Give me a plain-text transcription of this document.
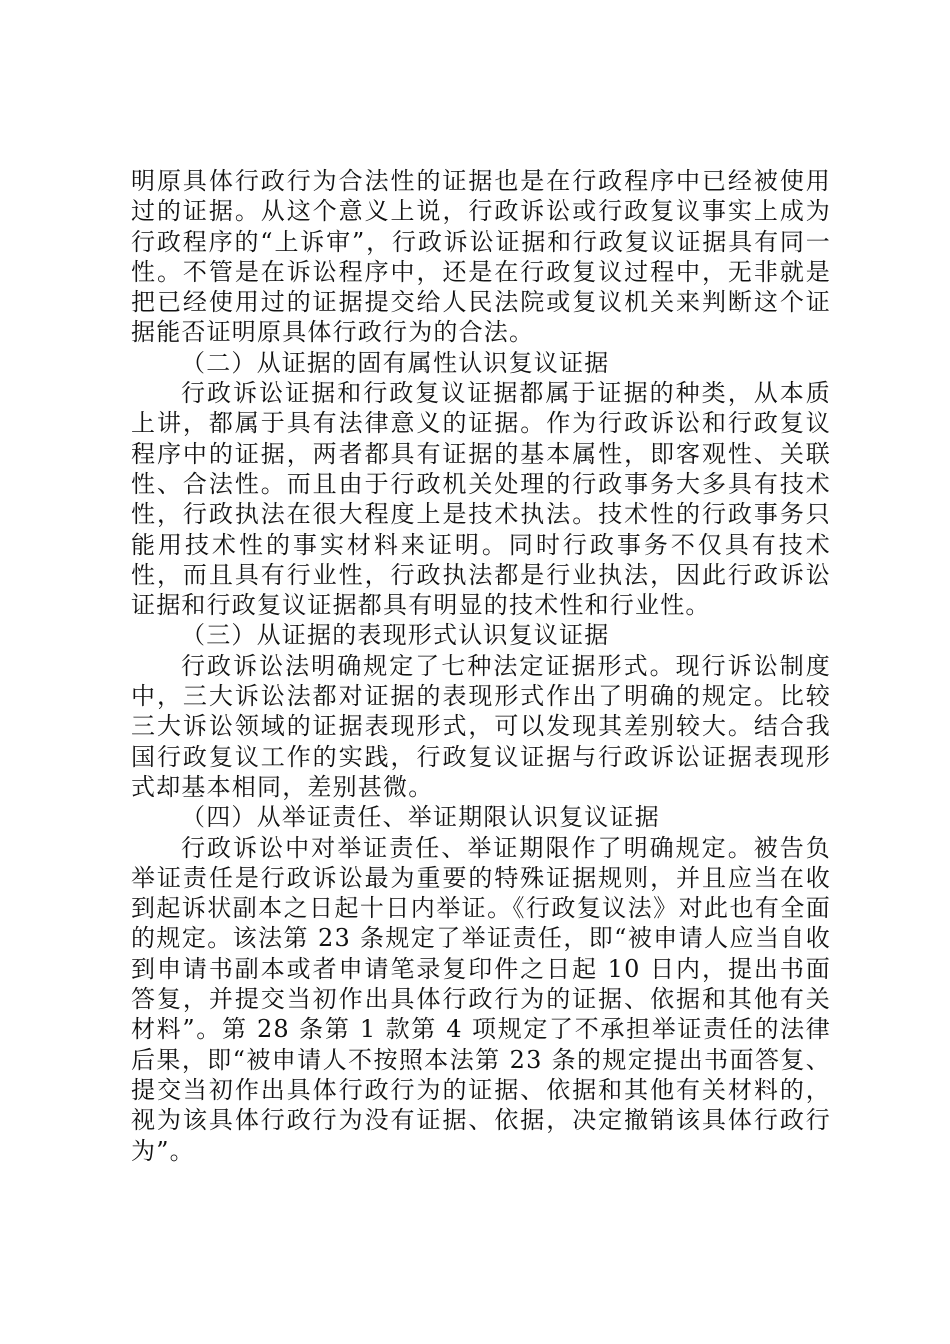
明原具体行政行为合法性的证据也是在行政程序中已经被使用过的证据。从这个意义上说，行政诉讼或行政复议事实上成为行政程序的“上诉审”，行政诉讼证据和行政复议证据具有同一性。不管是在诉讼程序中，还是在行政复议过程中，无非就是把已经使用过的证据提交给人民法院或复议机关来判断这个证据能否证明原具体行政行为的合法。

（二）从证据的固有属性认识复议证据

行政诉讼证据和行政复议证据都属于证据的种类，从本质上讲，都属于具有法律意义的证据。作为行政诉讼和行政复议程序中的证据，两者都具有证据的基本属性，即客观性、关联性、合法性。而且由于行政机关处理的行政事务大多具有技术性，行政执法在很大程度上是技术执法。技术性的行政事务只能用技术性的事实材料来证明。同时行政事务不仅具有技术性，而且具有行业性，行政执法都是行业执法，因此行政诉讼证据和行政复议证据都具有明显的技术性和行业性。

（三）从证据的表现形式认识复议证据

行政诉讼法明确规定了七种法定证据形式。现行诉讼制度中，三大诉讼法都对证据的表现形式作出了明确的规定。比较三大诉讼领域的证据表现形式，可以发现其差别较大。结合我国行政复议工作的实践，行政复议证据与行政诉讼证据表现形式却基本相同，差别甚微。

（四）从举证责任、举证期限认识复议证据

行政诉讼中对举证责任、举证期限作了明确规定。被告负举证责任是行政诉讼最为重要的特殊证据规则，并且应当在收到起诉状副本之日起十日内举证。《行政复议法》对此也有全面的规定。该法第 23 条规定了举证责任，即“被申请人应当自收到申请书副本或者申请笔录复印件之日起 10 日内，提出书面答复，并提交当初作出具体行政行为的证据、依据和其他有关材料”。第 28 条第 1 款第 4 项规定了不承担举证责任的法律后果，即“被申请人不按照本法第 23 条的规定提出书面答复、提交当初作出具体行政行为的证据、依据和其他有关材料的，视为该具体行政行为没有证据、依据，决定撤销该具体行政行为”。
